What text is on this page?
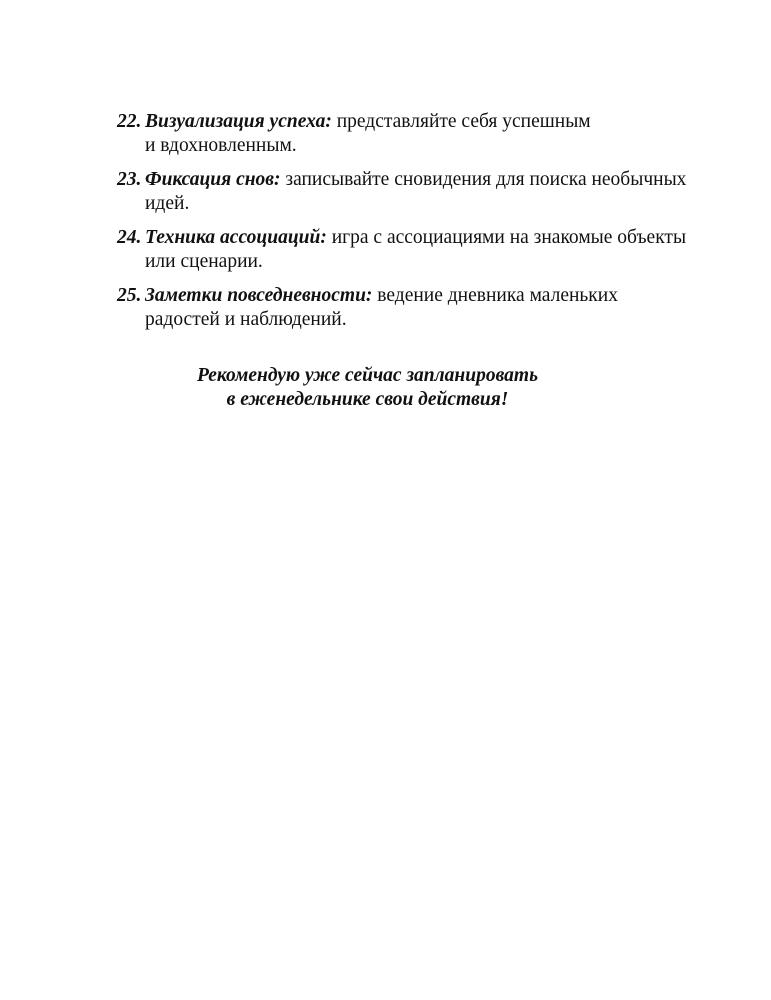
22. Визуализация успеха: представляйте себя успешным
и вдохновленным.
23. Фиксация снов: записывайте сновидения для поиска необычных
идей.
24. Техника ассоциаций: игра с ассоциациями на знакомые объекты
или сценарии.
25. Заметки повседневности: ведение дневника маленьких
радостей и наблюдений.

Рекомендую уже сейчас запланировать
в еженедельнике свои действия!
